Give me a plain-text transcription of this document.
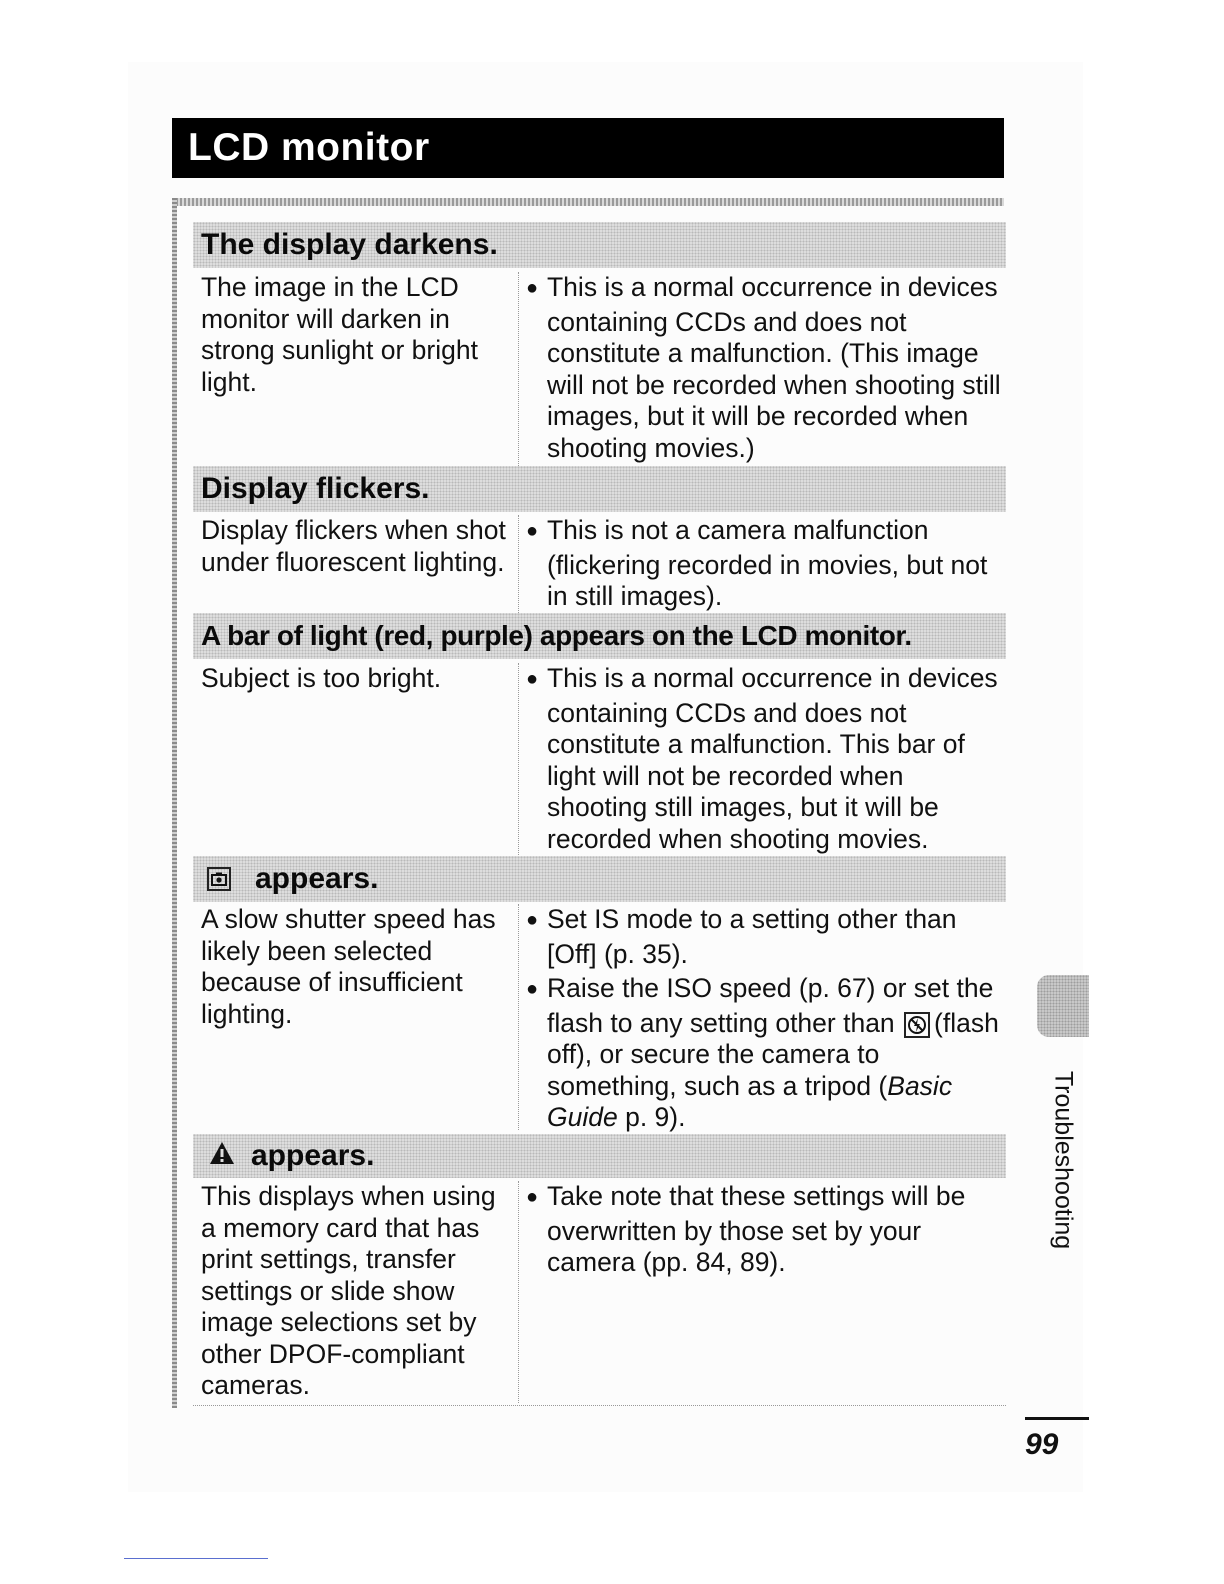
LCD monitor
The display darkens.
The image in the LCD monitor will darken in strong sunlight or bright light.

●This is a normal occurrence in devices containing CCDs and does not constitute a malfunction. (This image will not be recorded when shooting still images, but it will be recorded when shooting movies.)

Display flickers.
Display flickers when shot under fluorescent lighting.

●This is not a camera malfunction (flickering recorded in movies, but not in still images).

A bar of light (red, purple) appears on the LCD monitor.
Subject is too bright.

●	This is a normal occurrence in devices containing CCDs and does not constitute a malfunction. This bar of light will not be recorded when shooting still images, but it will be recorded when shooting movies.

appears.
A slow shutter speed has likely been selected because of insufficient lighting.

●Set IS mode to a setting other than [Off] (p. 35).

●Raise the ISO speed (p. 67) or set the flash to any setting other than (flash off), or secure the camera to something, such as a tripod (Basic Guide p. 9).

appears.
This displays when using a memory card that has print settings, transfer settings or slide show image selections set by other DPOF-compliant cameras.

●Take note that these settings will be overwritten by those set by your camera (pp. 84, 89).

Troubleshooting
99
